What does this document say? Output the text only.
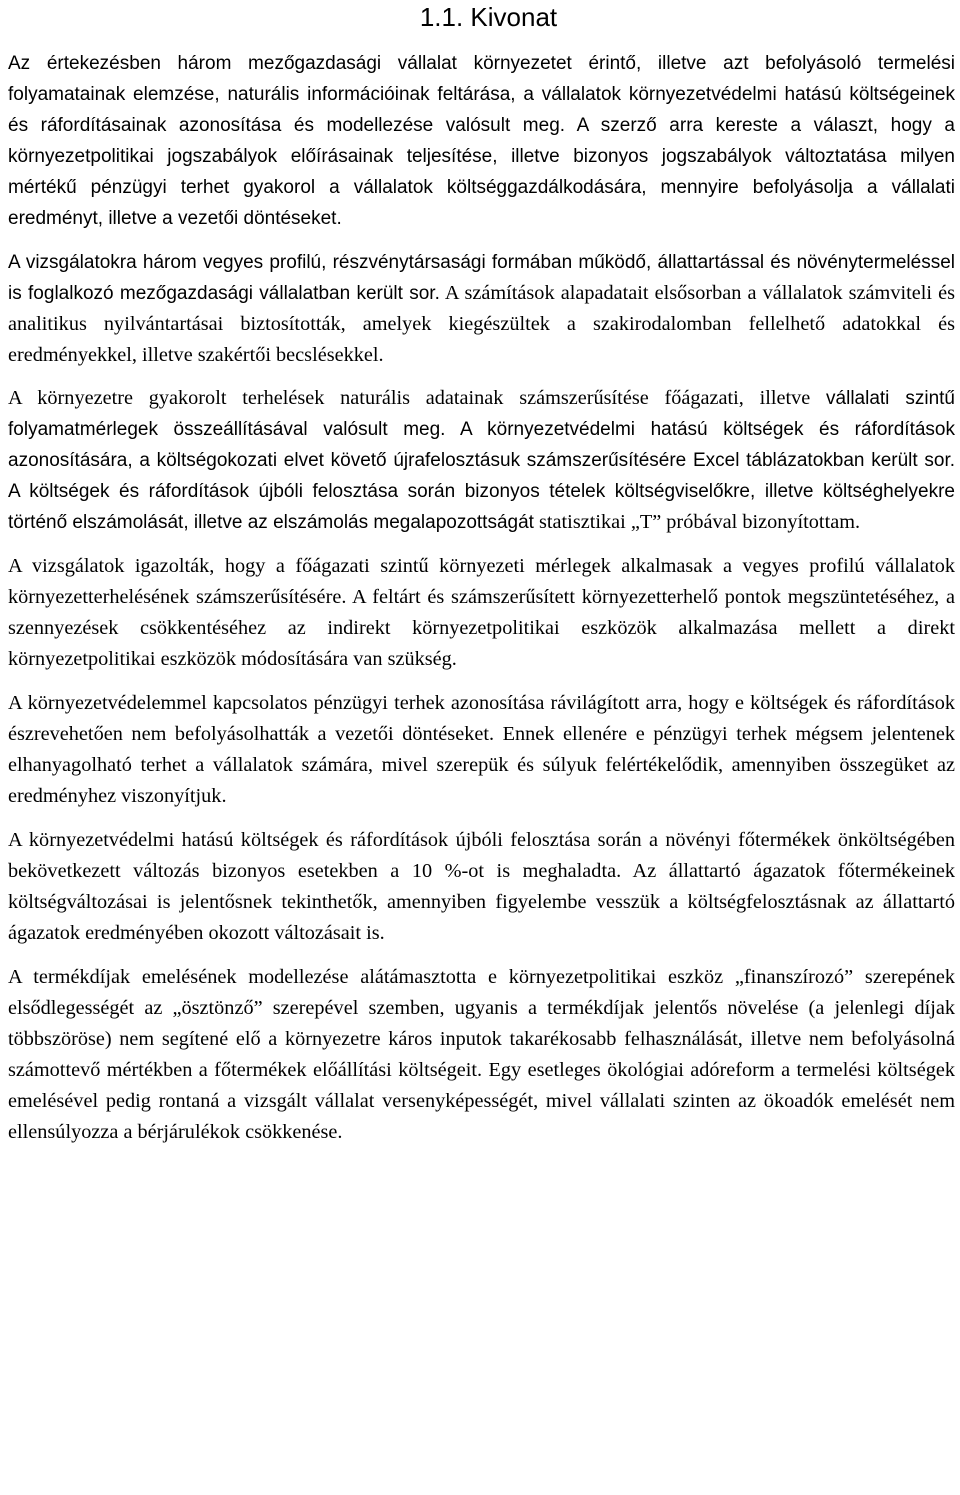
1.1. Kivonat

Az értekezésben három mezőgazdasági vállalat környezetet érintő, illetve azt befolyásoló termelési folyamatainak elemzése, naturális információinak feltárása, a vállalatok környezetvédelmi hatású költségeinek és ráfordításainak azonosítása és modellezése valósult meg. A szerző arra kereste a választ, hogy a környezetpolitikai jogszabályok előírásainak teljesítése, illetve bizonyos jogszabályok változtatása milyen mértékű pénzügyi terhet gyakorol a vállalatok költséggazdálkodására, mennyire befolyásolja a vállalati eredményt, illetve a vezetői döntéseket.

A vizsgálatokra három vegyes profilú, részvénytársasági formában működő, állattartással és növénytermeléssel is foglalkozó mezőgazdasági vállalatban került sor. A számítások alapadatait elsősorban a vállalatok számviteli és analitikus nyilvántartásai biztosították, amelyek kiegészültek a szakirodalomban fellelhető adatokkal és eredményekkel, illetve szakértői becslésekkel.

A környezetre gyakorolt terhelések naturális adatainak számszerűsítése főágazati, illetve vállalati szintű folyamatmérlegek összeállításával valósult meg. A környezetvédelmi hatású költségek és ráfordítások azonosítására, a költségokozati elvet követő újrafelosztásuk számszerűsítésére Excel táblázatokban került sor. A költségek és ráfordítások újbóli felosztása során bizonyos tételek költségviselőkre, illetve költséghelyekre történő elszámolását, illetve az elszámolás megalapozottságát statisztikai „T” próbával bizonyítottam.

A vizsgálatok igazolták, hogy a főágazati szintű környezeti mérlegek alkalmasak a vegyes profilú vállalatok környezetterhelésének számszerűsítésére. A feltárt és számszerűsített környezetterhelő pontok megszüntetéséhez, a szennyezések csökkentéséhez az indirekt környezetpolitikai eszközök alkalmazása mellett a direkt környezetpolitikai eszközök módosítására van szükség.

A környezetvédelemmel kapcsolatos pénzügyi terhek azonosítása rávilágított arra, hogy e költségek és ráfordítások észrevehetően nem befolyásolhatták a vezetői döntéseket. Ennek ellenére e pénzügyi terhek mégsem jelentenek elhanyagolható terhet a vállalatok számára, mivel szerepük és súlyuk felértékelődik, amennyiben összegüket az eredményhez viszonyítjuk.

A környezetvédelmi hatású költségek és ráfordítások újbóli felosztása során a növényi főtermékek önköltségében bekövetkezett változás bizonyos esetekben a 10 %-ot is meghaladta. Az állattartó ágazatok főtermékeinek költségváltozásai is jelentősnek tekinthetők, amennyiben figyelembe vesszük a költségfelosztásnak az állattartó ágazatok eredményében okozott változásait is.

A termékdíjak emelésének modellezése alátámasztotta e környezetpolitikai eszköz „finanszírozó” szerepének elsődlegességét az „ösztönző” szerepével szemben, ugyanis a termékdíjak jelentős növelése (a jelenlegi díjak többszöröse) nem segítené elő a környezetre káros inputok takarékosabb felhasználását, illetve nem befolyásolná számottevő mértékben a főtermékek előállítási költségeit. Egy esetleges ökológiai adóreform a termelési költségek emelésével pedig rontaná a vizsgált vállalat versenyképességét, mivel vállalati szinten az ökoadók emelését nem ellensúlyozza a bérjárulékok csökkenése.
